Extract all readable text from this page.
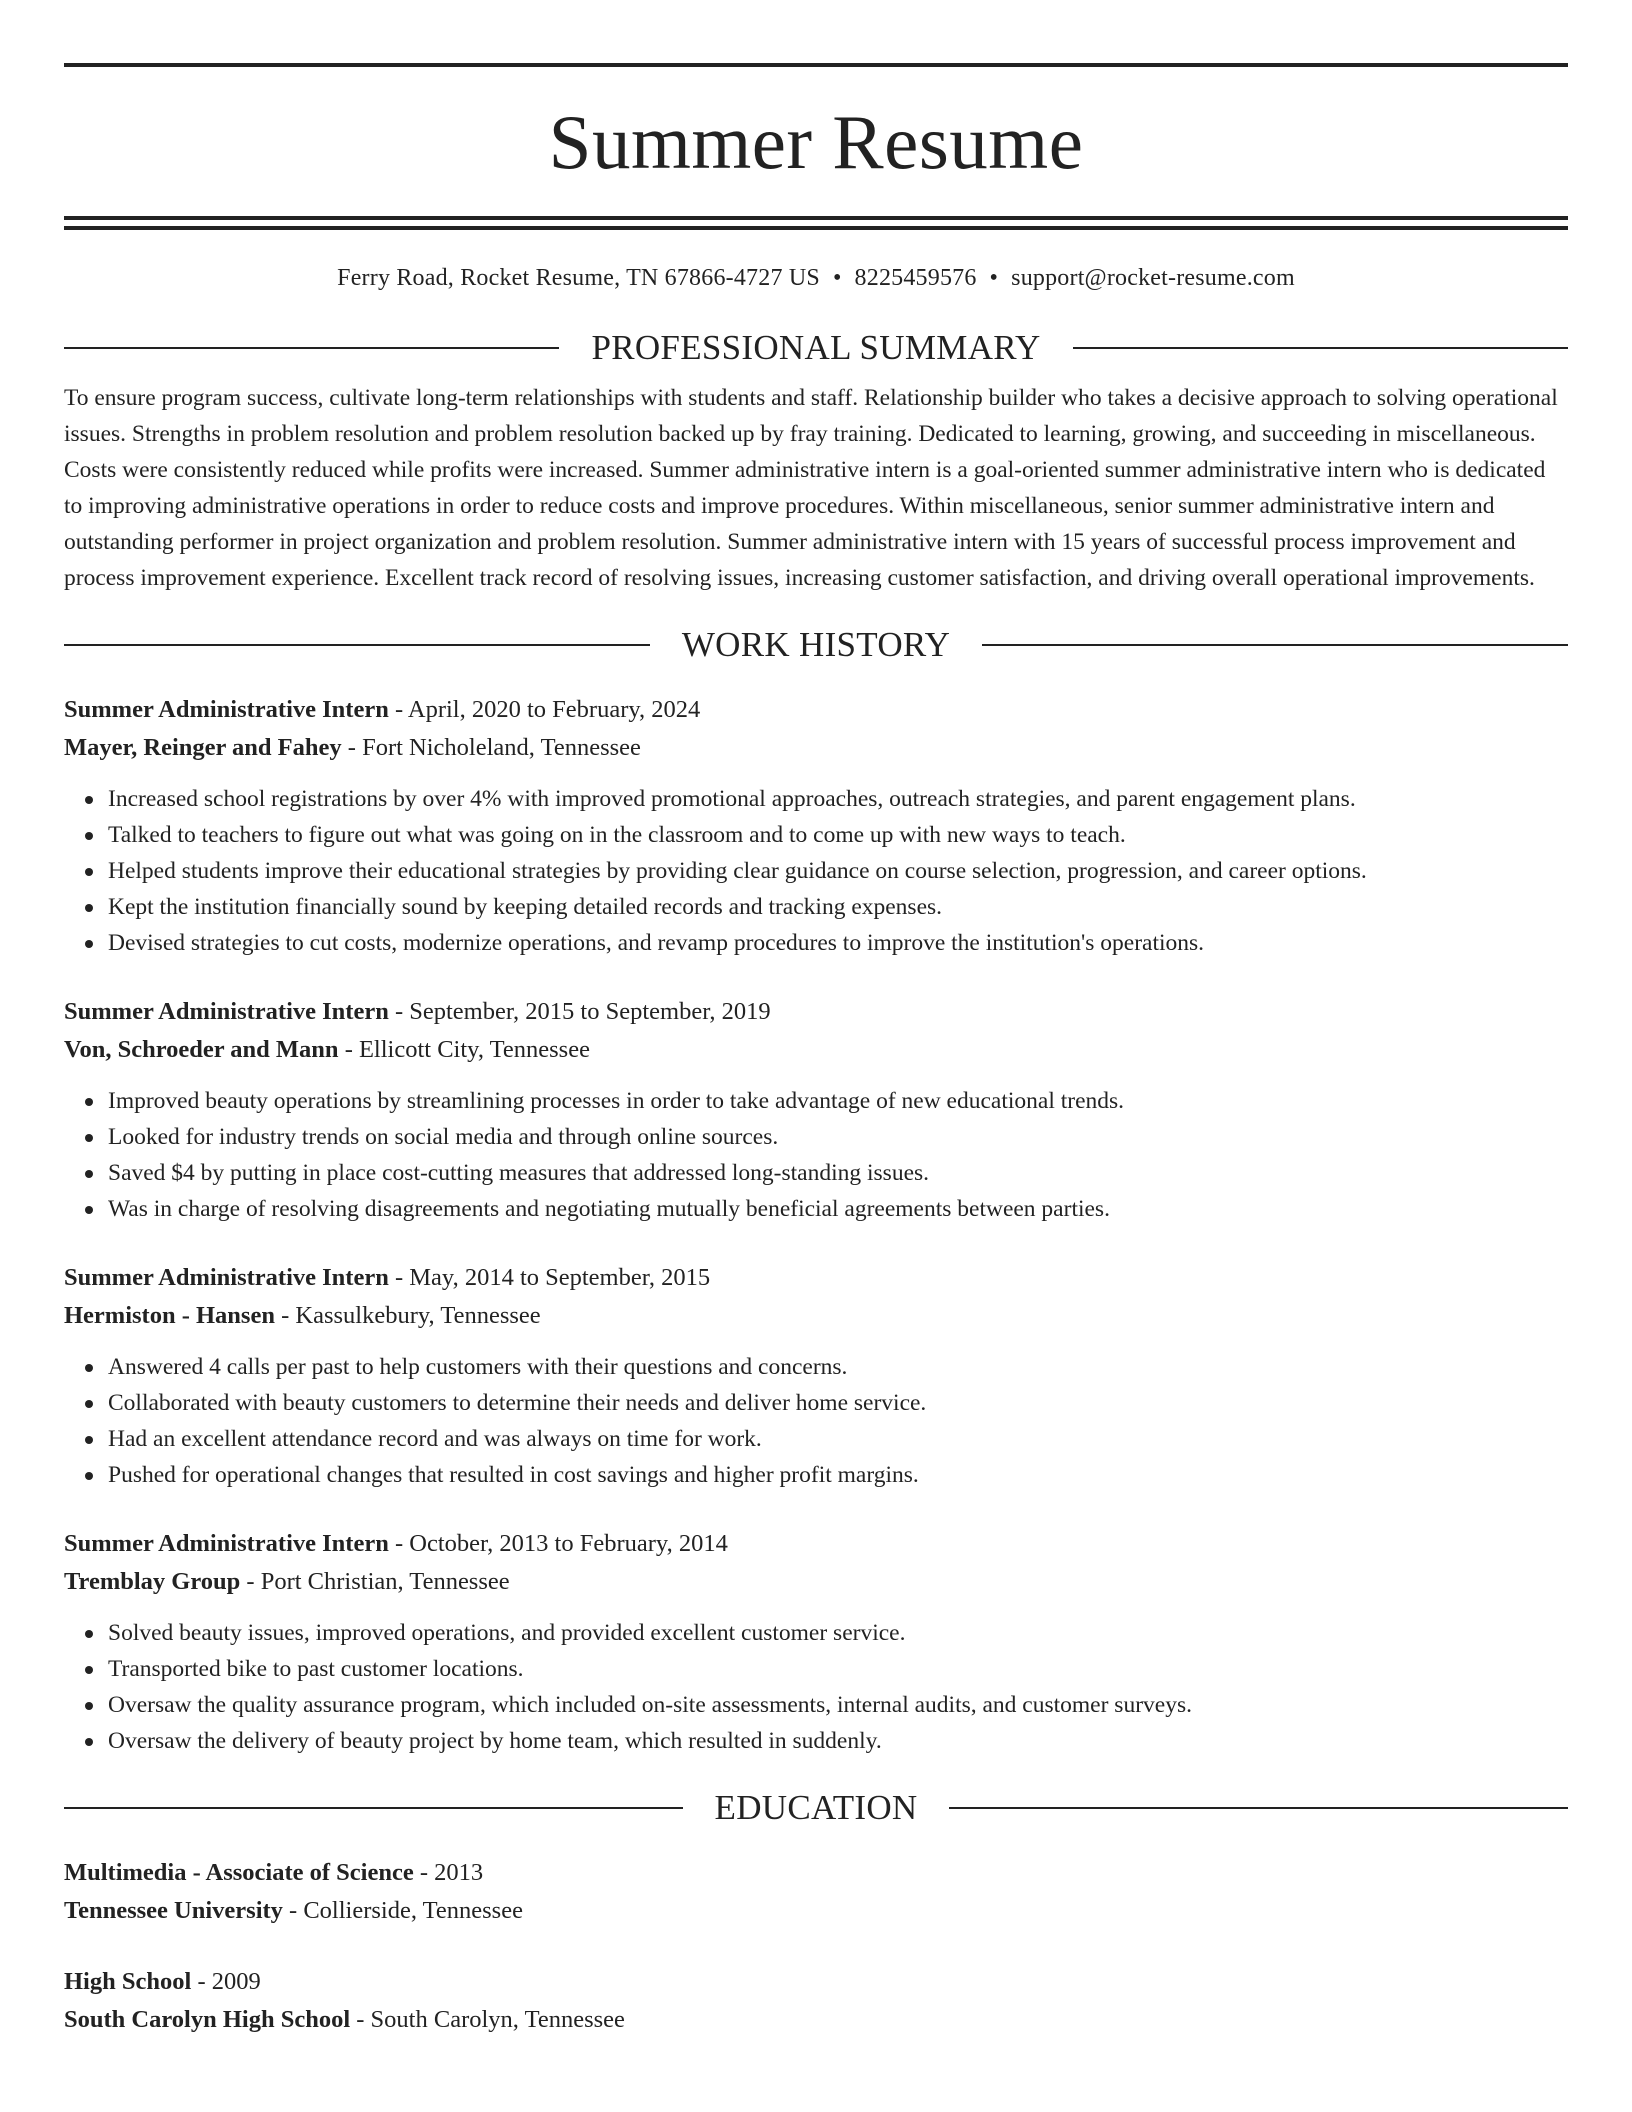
Summer Resume
Ferry Road, Rocket Resume, TN 67866-4727 US • 8225459576 • support@rocket-resume.com
PROFESSIONAL SUMMARY

To ensure program success, cultivate long-term relationships with students and staff. Relationship builder who takes a decisive approach to solving operational issues. Strengths in problem resolution and problem resolution backed up by fray training. Dedicated to learning, growing, and succeeding in miscellaneous. Costs were consistently reduced while profits were increased. Summer administrative intern is a goal-oriented summer administrative intern who is dedicated to improving administrative operations in order to reduce costs and improve procedures. Within miscellaneous, senior summer administrative intern and outstanding performer in project organization and problem resolution. Summer administrative intern with 15 years of successful process improvement and process improvement experience. Excellent track record of resolving issues, increasing customer satisfaction, and driving overall operational improvements.

WORK HISTORY

Summer Administrative Intern - April, 2020 to February, 2024

Mayer, Reinger and Fahey - Fort Nicholeland, Tennessee

Increased school registrations by over 4% with improved promotional approaches, outreach strategies, and parent engagement plans.
Talked to teachers to figure out what was going on in the classroom and to come up with new ways to teach.
Helped students improve their educational strategies by providing clear guidance on course selection, progression, and career options.
Kept the institution financially sound by keeping detailed records and tracking expenses.
Devised strategies to cut costs, modernize operations, and revamp procedures to improve the institution's operations.

Summer Administrative Intern - September, 2015 to September, 2019

Von, Schroeder and Mann - Ellicott City, Tennessee

Improved beauty operations by streamlining processes in order to take advantage of new educational trends.
Looked for industry trends on social media and through online sources.
Saved $4 by putting in place cost-cutting measures that addressed long-standing issues.
Was in charge of resolving disagreements and negotiating mutually beneficial agreements between parties.

Summer Administrative Intern - May, 2014 to September, 2015

Hermiston - Hansen - Kassulkebury, Tennessee

Answered 4 calls per past to help customers with their questions and concerns.
Collaborated with beauty customers to determine their needs and deliver home service.
Had an excellent attendance record and was always on time for work.
Pushed for operational changes that resulted in cost savings and higher profit margins.

Summer Administrative Intern - October, 2013 to February, 2014

Tremblay Group - Port Christian, Tennessee

Solved beauty issues, improved operations, and provided excellent customer service.
Transported bike to past customer locations.
Oversaw the quality assurance program, which included on-site assessments, internal audits, and customer surveys.
Oversaw the delivery of beauty project by home team, which resulted in suddenly.
EDUCATION

Multimedia - Associate of Science - 2013

Tennessee University - Collierside, Tennessee

High School - 2009

South Carolyn High School - South Carolyn, Tennessee
